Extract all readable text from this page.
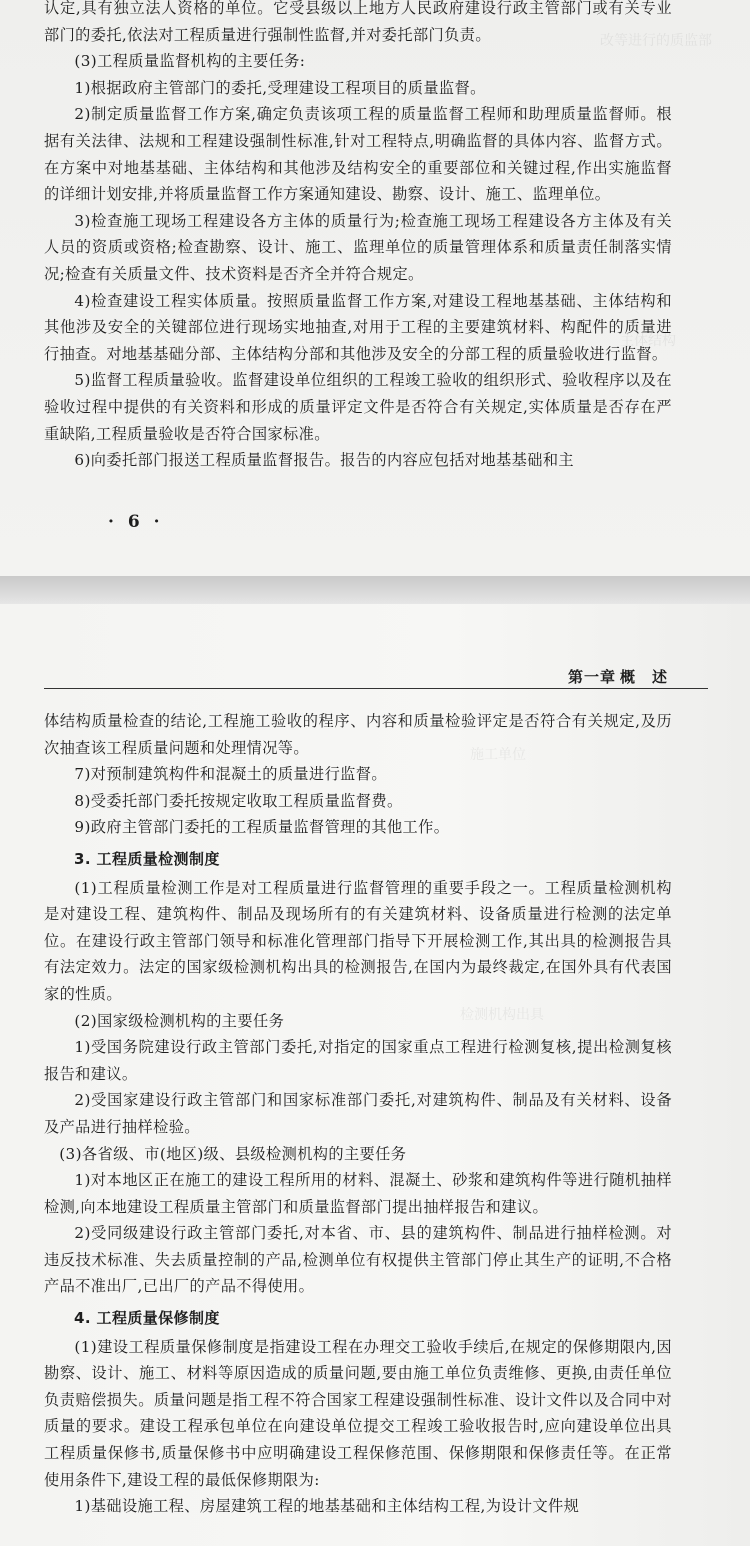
改等进行的质监部
主体结构

认定,具有独立法人资格的单位。它受县级以上地方人民政府建设行政主管部门或有关专业部门的委托,依法对工程质量进行强制性监督,并对委托部门负责。

(3)工程质量监督机构的主要任务:

1)根据政府主管部门的委托,受理建设工程项目的质量监督。

2)制定质量监督工作方案,确定负责该项工程的质量监督工程师和助理质量监督师。根据有关法律、法规和工程建设强制性标准,针对工程特点,明确监督的具体内容、监督方式。在方案中对地基基础、主体结构和其他涉及结构安全的重要部位和关键过程,作出实施监督的详细计划安排,并将质量监督工作方案通知建设、勘察、设计、施工、监理单位。

3)检查施工现场工程建设各方主体的质量行为;检查施工现场工程建设各方主体及有关人员的资质或资格;检查勘察、设计、施工、监理单位的质量管理体系和质量责任制落实情况;检查有关质量文件、技术资料是否齐全并符合规定。

4)检查建设工程实体质量。按照质量监督工作方案,对建设工程地基基础、主体结构和其他涉及安全的关键部位进行现场实地抽查,对用于工程的主要建筑材料、构配件的质量进行抽查。对地基基础分部、主体结构分部和其他涉及安全的分部工程的质量验收进行监督。

5)监督工程质量验收。监督建设单位组织的工程竣工验收的组织形式、验收程序以及在验收过程中提供的有关资料和形成的质量评定文件是否符合有关规定,实体质量是否存在严重缺陷,工程质量验收是否符合国家标准。

6)向委托部门报送工程质量监督报告。报告的内容应包括对地基基础和主

· 6 ·
施工单位
检测机构出具
第一章 概　述

体结构质量检查的结论,工程施工验收的程序、内容和质量检验评定是否符合有关规定,及历次抽查该工程质量问题和处理情况等。

7)对预制建筑构件和混凝土的质量进行监督。

8)受委托部门委托按规定收取工程质量监督费。

9)政府主管部门委托的工程质量监督管理的其他工作。

3. 工程质量检测制度

(1)工程质量检测工作是对工程质量进行监督管理的重要手段之一。工程质量检测机构是对建设工程、建筑构件、制品及现场所有的有关建筑材料、设备质量进行检测的法定单位。在建设行政主管部门领导和标准化管理部门指导下开展检测工作,其出具的检测报告具有法定效力。法定的国家级检测机构出具的检测报告,在国内为最终裁定,在国外具有代表国家的性质。

(2)国家级检测机构的主要任务

1)受国务院建设行政主管部门委托,对指定的国家重点工程进行检测复核,提出检测复核报告和建议。

2)受国家建设行政主管部门和国家标准部门委托,对建筑构件、制品及有关材料、设备及产品进行抽样检验。

(3)各省级、市(地区)级、县级检测机构的主要任务

1)对本地区正在施工的建设工程所用的材料、混凝土、砂浆和建筑构件等进行随机抽样检测,向本地建设工程质量主管部门和质量监督部门提出抽样报告和建议。

2)受同级建设行政主管部门委托,对本省、市、县的建筑构件、制品进行抽样检测。对违反技术标准、失去质量控制的产品,检测单位有权提供主管部门停止其生产的证明,不合格产品不准出厂,已出厂的产品不得使用。

4. 工程质量保修制度

(1)建设工程质量保修制度是指建设工程在办理交工验收手续后,在规定的保修期限内,因勘察、设计、施工、材料等原因造成的质量问题,要由施工单位负责维修、更换,由责任单位负责赔偿损失。质量问题是指工程不符合国家工程建设强制性标准、设计文件以及合同中对质量的要求。建设工程承包单位在向建设单位提交工程竣工验收报告时,应向建设单位出具工程质量保修书,质量保修书中应明确建设工程保修范围、保修期限和保修责任等。在正常使用条件下,建设工程的最低保修期限为:

1)基础设施工程、房屋建筑工程的地基基础和主体结构工程,为设计文件规
